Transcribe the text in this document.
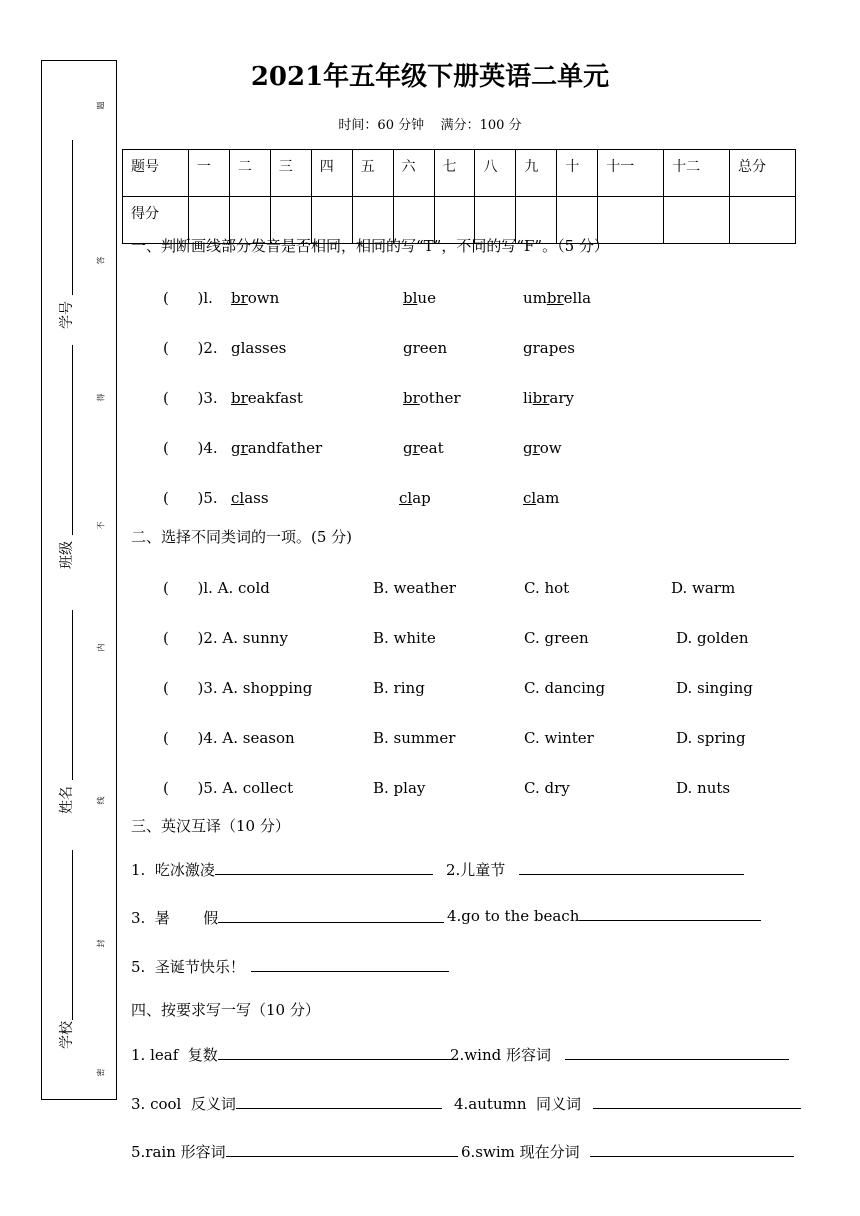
学号
班级
姓名
学校
题
答
得
不
内
线
封
密
2021年五年级下册英语二单元
时间：60 分钟    满分：100 分
题号	一	二	三	四	五	六	七	八	九	十	十一	十二	总分
得分													
一、判断画线部分发音是否相同，相同的写“T”，不同的写“F”。（5 分）
(      )l. brown	blue	umbrella
(      )2. glasses	green	grapes
(      )3. breakfast	brother	library
(      )4. grandfather	great	grow
(      )5. class	clap	clam
二、选择不同类词的一项。(5 分)
(      )l. A. cold	B. weather	C. hot	D. warm
(      )2. A. sunny	B. white	C. green	D. golden
(      )3. A. shopping	B. ring	C. dancing	D. singing
(      )4. A. season	B. summer	C. winter	D. spring
(      )5. A. collect	B. play	C. dry	D. nuts
三、英汉互译（10 分）
1.  吃冰激凌	2.儿童节
3.  暑       假	4.go to the beach
5.  圣诞节快乐！
四、按要求写一写（10 分）
1. leaf  复数	2.wind 形容词
3. cool  反义词	4.autumn  同义词
5.rain 形容词	6.swim 现在分词
